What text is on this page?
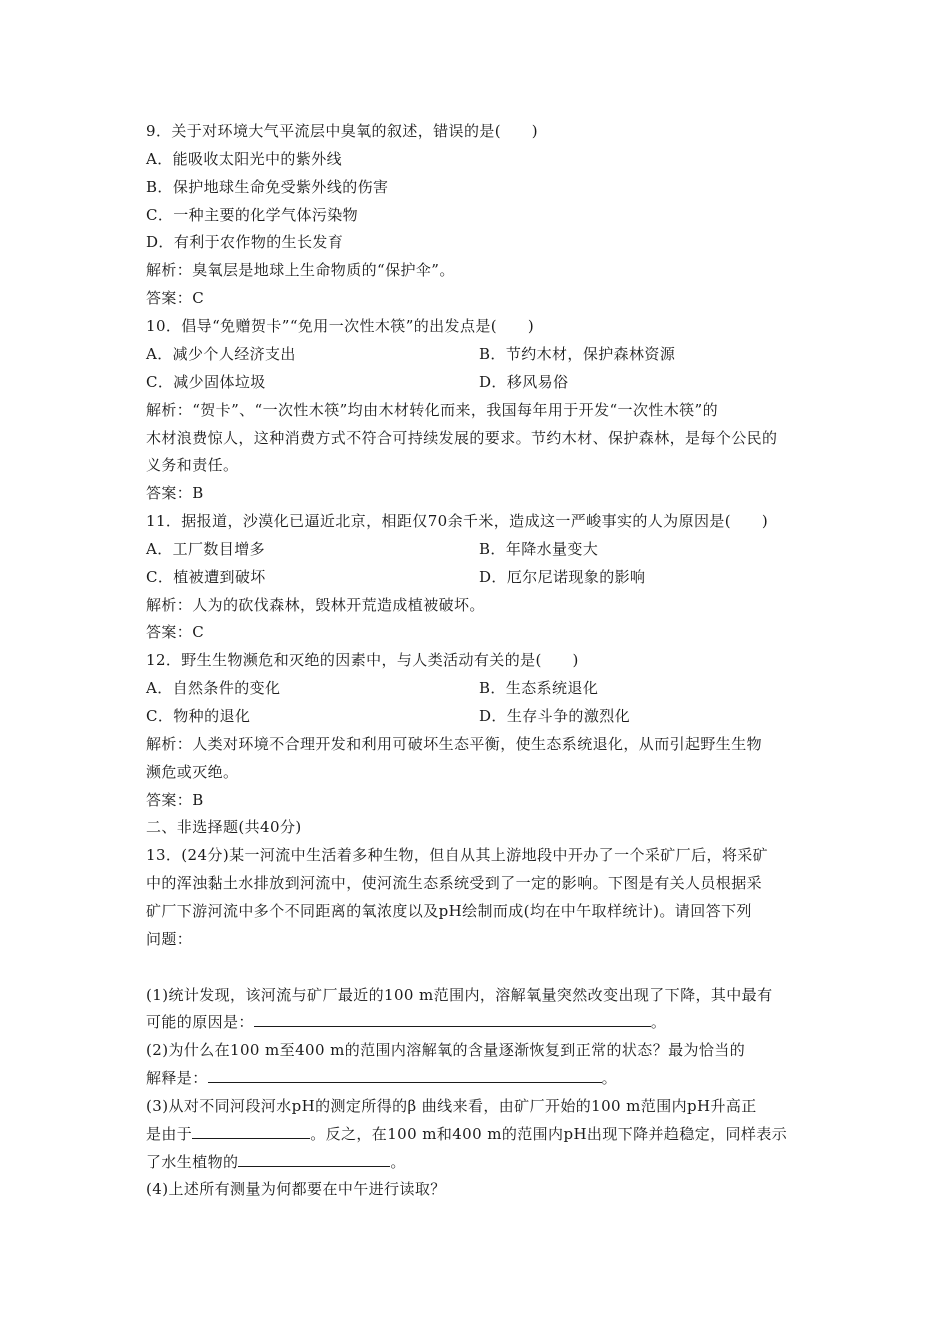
9．关于对环境大气平流层中臭氧的叙述，错误的是(　　)
A．能吸收太阳光中的紫外线
B．保护地球生命免受紫外线的伤害
C．一种主要的化学气体污染物
D．有利于农作物的生长发育
解析：臭氧层是地球上生命物质的“保护伞”。
答案：C
10．倡导“免赠贺卡”“免用一次性木筷”的出发点是(　　)
A．减少个人经济支出	B．节约木材，保护森林资源
C．减少固体垃圾	D．移风易俗
解析：“贺卡”、“一次性木筷”均由木材转化而来，我国每年用于开发“一次性木筷”的
木材浪费惊人，这种消费方式不符合可持续发展的要求。节约木材、保护森林，是每个公民的
义务和责任。
答案：B
11．据报道，沙漠化已逼近北京，相距仅70余千米，造成这一严峻事实的人为原因是(　　)
A．工厂数目增多	B．年降水量变大
C．植被遭到破坏	D．厄尔尼诺现象的影响
解析：人为的砍伐森林，毁林开荒造成植被破坏。
答案：C
12．野生生物濒危和灭绝的因素中，与人类活动有关的是(　　)
A．自然条件的变化	B．生态系统退化
C．物种的退化	D．生存斗争的激烈化
解析：人类对环境不合理开发和利用可破坏生态平衡，使生态系统退化，从而引起野生生物
濒危或灭绝。
答案：B
二、非选择题(共40分)
13．(24分)某一河流中生活着多种生物，但自从其上游地段中开办了一个采矿厂后，将采矿
中的浑浊黏土水排放到河流中，使河流生态系统受到了一定的影响。下图是有关人员根据采
矿厂下游河流中多个不同距离的氧浓度以及pH绘制而成(均在中午取样统计)。请回答下列
问题：
(1)统计发现，该河流与矿厂最近的100 m范围内，溶解氧量突然改变出现了下降，其中最有
可能的原因是：	。
(2)为什么在100 m至400 m的范围内溶解氧的含量逐渐恢复到正常的状态？最为恰当的
解释是：	。
(3)从对不同河段河水pH的测定所得的β 曲线来看，由矿厂开始的100 m范围内pH升高正
是由于	。反之，在100 m和400 m的范围内pH出现下降并趋稳定，同样表示
了水生植物的	。
(4)上述所有测量为何都要在中午进行读取？
